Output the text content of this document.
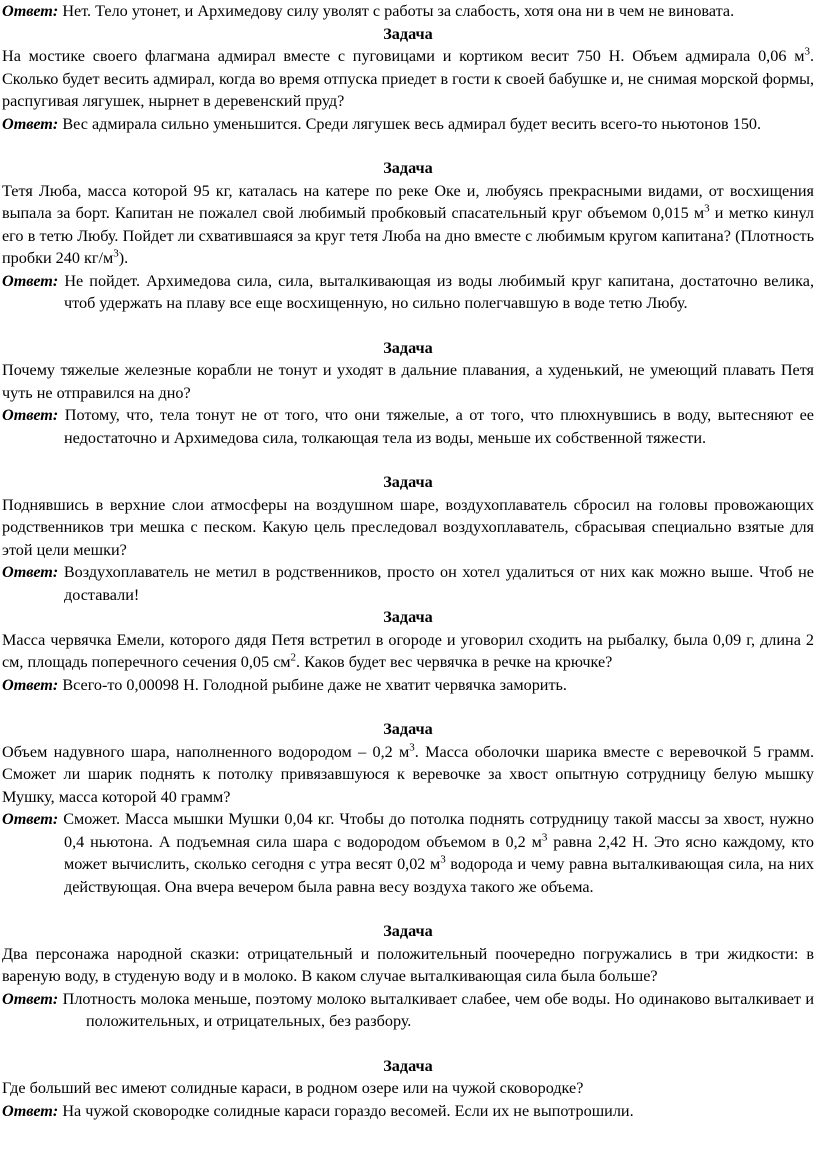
Ответ: Нет. Тело утонет, и Архимедову силу уволят с работы за слабость, хотя она ни в чем не виновата.

Задача

На мостике своего флагмана адмирал вместе с пуговицами и кортиком весит 750 Н. Объем адмирала 0,06 $м^3$. Сколько будет весить адмирал, когда во время отпуска приедет в гости к своей бабушке и, не снимая морской формы, распугивая лягушек, нырнет в деревенский пруд?

Ответ: Вес адмирала сильно уменьшится. Среди лягушек весь адмирал будет весить всего-то ньютонов 150.

Задача

Тетя Люба, масса которой 95 кг, каталась на катере по реке Оке и, любуясь прекрасными видами, от восхищения выпала за борт. Капитан не пожалел свой любимый пробковый спасательный круг объемом 0,015 $м^3$ и метко кинул его в тетю Любу. Пойдет ли схватившаяся за круг тетя Люба на дно вместе с любимым кругом капитана? (Плотность пробки 240 $кг/м^3$).

Ответ: Не пойдет. Архимедова сила, сила, выталкивающая из воды любимый круг капитана, достаточно велика, чтоб удержать на плаву все еще восхищенную, но сильно полегчавшую в воде тетю Любу.

Задача

Почему тяжелые железные корабли не тонут и уходят в дальние плавания, а худенький, не умеющий плавать Петя чуть не отправился на дно?

Ответ: Потому, что, тела тонут не от того, что они тяжелые, а от того, что плюхнувшись в воду, вытесняют ее недостаточно и Архимедова сила, толкающая тела из воды, меньше их собственной тяжести.

Задача

Поднявшись в верхние слои атмосферы на воздушном шаре, воздухоплаватель сбросил на головы провожающих родственников три мешка с песком. Какую цель преследовал воздухоплаватель, сбрасывая специально взятые для этой цели мешки?

Ответ: Воздухоплаватель не метил в родственников, просто он хотел удалиться от них как можно выше. Чтоб не доставали!

Задача

Масса червячка Емели, которого дядя Петя встретил в огороде и уговорил сходить на рыбалку, была 0,09 г, длина 2 см, площадь поперечного сечения 0,05 $см^2$. Каков будет вес червячка в речке на крючке?

Ответ: Всего-то 0,00098 Н. Голодной рыбине даже не хватит червячка заморить.

Задача

Объем надувного шара, наполненного водородом – 0,2 $м^3$. Масса оболочки шарика вместе с веревочкой 5 грамм. Сможет ли шарик поднять к потолку привязавшуюся к веревочке за хвост опытную сотрудницу белую мышку Мушку, масса которой 40 грамм?

Ответ: Сможет. Масса мышки Мушки 0,04 кг. Чтобы до потолка поднять сотрудницу такой массы за хвост, нужно 0,4 ньютона. А подъемная сила шара с водородом объемом в 0,2 $м^3$ равна 2,42 Н. Это ясно каждому, кто может вычислить, сколько сегодня с утра весят 0,02 $м^3$ водорода и чему равна выталкивающая сила, на них действующая. Она вчера вечером была равна весу воздуха такого же объема.

Задача

Два персонажа народной сказки: отрицательный и положительный поочередно погружались в три жидкости: в вареную воду, в студеную воду и в молоко. В каком случае выталкивающая сила была больше?

Ответ: Плотность молока меньше, поэтому молоко выталкивает слабее, чем обе воды. Но одинаково выталкивает и положительных, и отрицательных, без разбору.

Задача

Где больший вес имеют солидные караси, в родном озере или на чужой сковородке?

Ответ: На чужой сковородке солидные караси гораздо весомей. Если их не выпотрошили.
